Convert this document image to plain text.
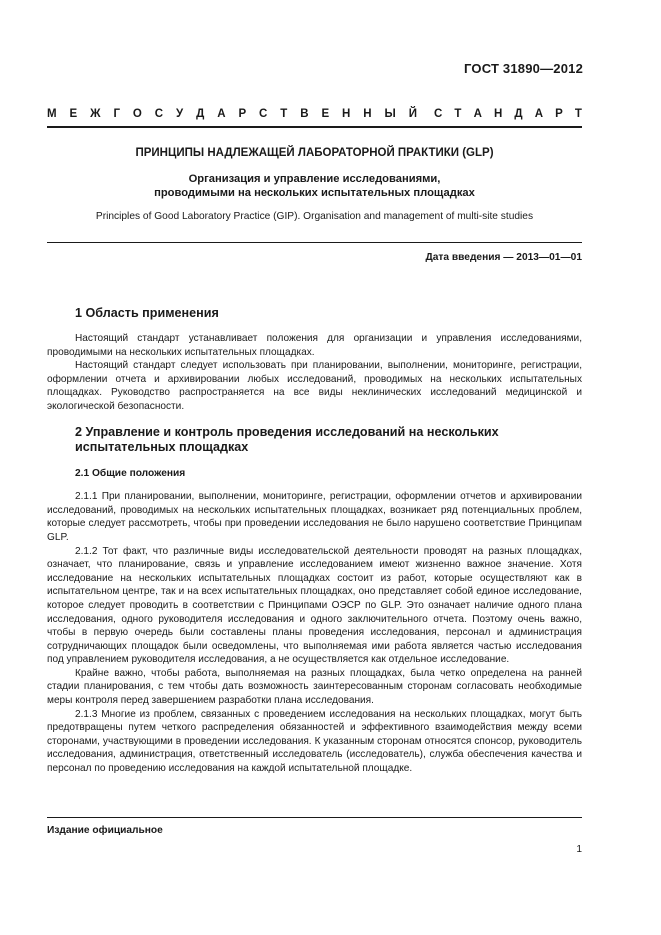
ГОСТ 31890—2012
М Е Ж Г О С У Д А Р С Т В Е Н Н Ы Й С Т А Н Д А Р Т
ПРИНЦИПЫ НАДЛЕЖАЩЕЙ ЛАБОРАТОРНОЙ ПРАКТИКИ (GLP)
Организация и управление исследованиями,
проводимыми на нескольких испытательных площадках
Principles of Good Laboratory Practice (GIP). Organisation and management of multi-site studies
Дата введения — 2013—01—01
1 Область применения

Настоящий стандарт устанавливает положения для организации и управления исследованиями, проводимыми на нескольких испытательных площадках.

Настоящий стандарт следует использовать при планировании, выполнении, мониторинге, регистрации, оформлении отчета и архивировании любых исследований, проводимых на нескольких испытательных площадках. Руководство распространяется на все виды неклинических исследований медицинской и экологической безопасности.

2 Управление и контроль проведения исследований на нескольких испытательных площадках
2.1 Общие положения

2.1.1 При планировании, выполнении, мониторинге, регистрации, оформлении отчетов и архивировании исследований, проводимых на нескольких испытательных площадках, возникает ряд потенциальных проблем, которые следует рассмотреть, чтобы при проведении исследования не было нарушено соответствие Принципам GLP.

2.1.2 Тот факт, что различные виды исследовательской деятельности проводят на разных площадках, означает, что планирование, связь и управление исследованием имеют жизненно важное значение. Хотя исследование на нескольких испытательных площадках состоит из работ, которые осуществляют как в испытательном центре, так и на всех испытательных площадках, оно представляет собой единое исследование, которое следует проводить в соответствии с Принципами ОЭСР по GLP. Это означает наличие одного плана исследования, одного руководителя исследования и одного заключительного отчета. Поэтому очень важно, чтобы в первую очередь были составлены планы проведения исследования, персонал и администрация сотрудничающих площадок были осведомлены, что выполняемая ими работа является частью исследования под управлением руководителя исследования, а не осуществляется как отдельное исследование.

Крайне важно, чтобы работа, выполняемая на разных площадках, была четко определена на ранней стадии планирования, с тем чтобы дать возможность заинтересованным сторонам согласовать необходимые меры контроля перед завершением разработки плана исследования.

2.1.3 Многие из проблем, связанных с проведением исследования на нескольких площадках, могут быть предотвращены путем четкого распределения обязанностей и эффективного взаимодействия между всеми сторонами, участвующими в проведении исследования. К указанным сторонам относятся спонсор, руководитель исследования, администрация, ответственный исследователь (исследователь), служба обеспечения качества и персонал по проведению исследования на каждой испытательной площадке.

Издание официальное
1
